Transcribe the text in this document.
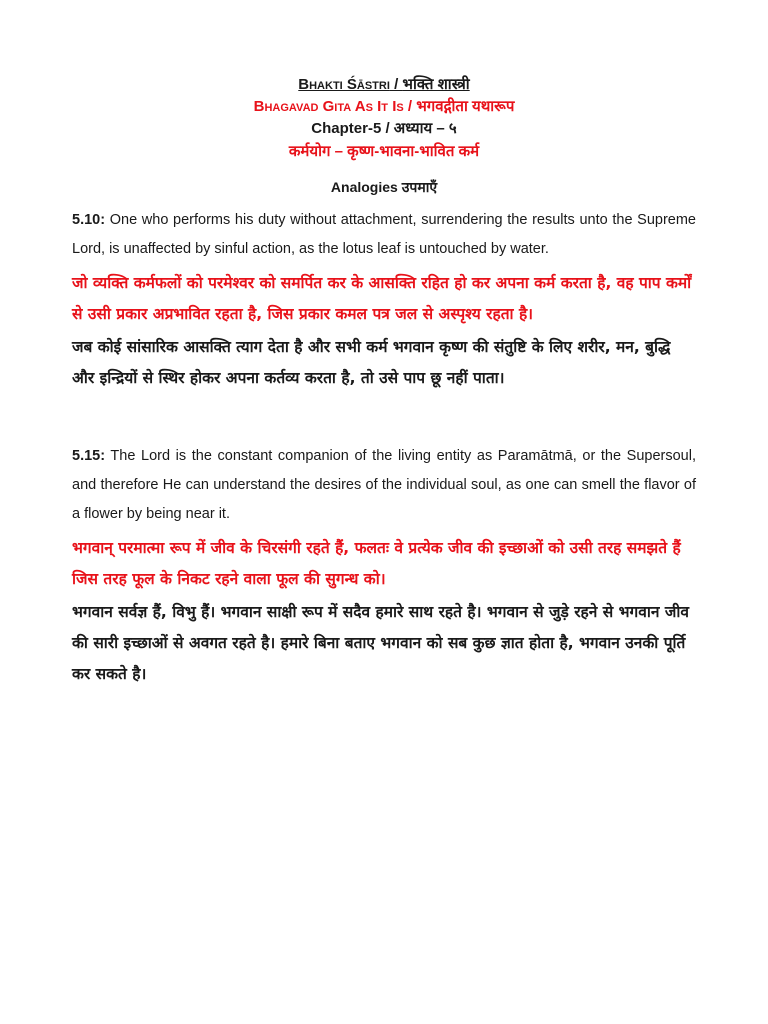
Bhakti Śāstri / भक्ति शास्त्री
Bhagavad Gita As It Is / भगवद्गीता यथारूप
Chapter-5 / अध्याय – ५
कर्मयोग – कृष्ण-भावना-भावित कर्म
Analogies उपमाएँ
5.10: One who performs his duty without attachment, surrendering the results unto the Supreme Lord, is unaffected by sinful action, as the lotus leaf is untouched by water.
जो व्यक्ति कर्मफलों को परमेश्वर को समर्पित कर के आसक्ति रहित हो कर अपना कर्म करता है, वह पाप कर्मों से उसी प्रकार अप्रभावित रहता है, जिस प्रकार कमल पत्र जल से अस्पृश्य रहता है।
जब कोई सांसारिक आसक्ति त्याग देता है और सभी कर्म भगवान कृष्ण की संतुष्टि के लिए शरीर, मन, बुद्धि और इन्द्रियों से स्थिर होकर अपना कर्तव्य करता है, तो उसे पाप छू नहीं पाता।
5.15: The Lord is the constant companion of the living entity as Paramātmā, or the Supersoul, and therefore He can understand the desires of the individual soul, as one can smell the flavor of a flower by being near it.
भगवान् परमात्मा रूप में जीव के चिरसंगी रहते हैं, फलतः वे प्रत्येक जीव की इच्छाओं को उसी तरह समझते हैं जिस तरह फूल के निकट रहने वाला फूल की सुगन्ध को।
भगवान सर्वज्ञ हैं, विभु हैं। भगवान साक्षी रूप में सदैव हमारे साथ रहते है। भगवान से जुड़े रहने से भगवान जीव की सारी इच्छाओं से अवगत रहते है। हमारे बिना बताए भगवान को सब कुछ ज्ञात होता है, भगवान उनकी पूर्ति कर सकते है।
